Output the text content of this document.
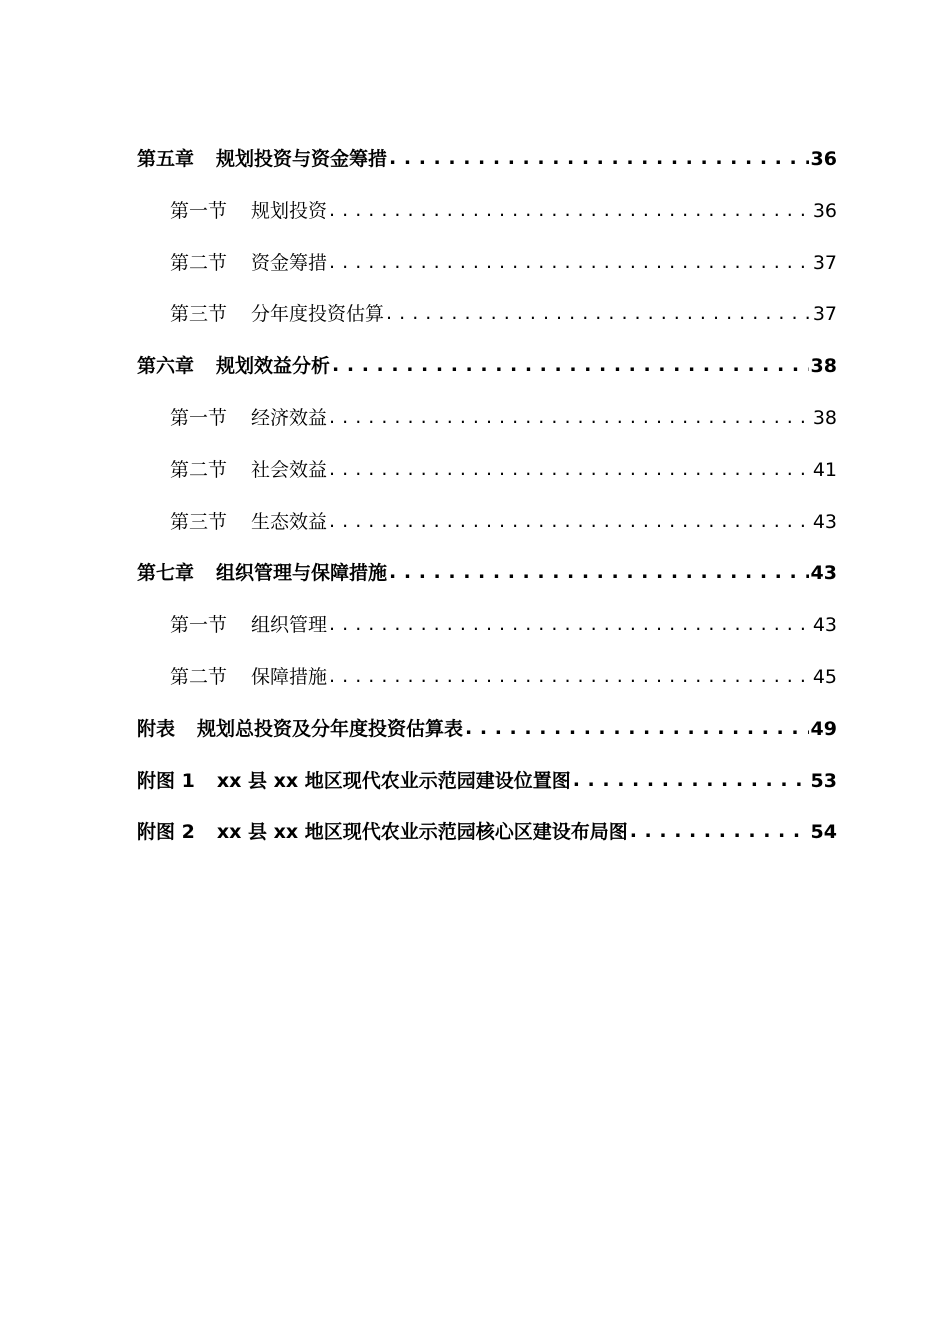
第五章 规划投资与资金筹措 . . .	36
第一节 规划投资 . . .	36
第二节 资金筹措 . . .	37
第三节 分年度投资估算 . . .	37
第六章 规划效益分析 . . .	38
第一节 经济效益 . . .	38
第二节 社会效益 . . .	41
第三节 生态效益 . . .	43
第七章 组织管理与保障措施 . . .	43
第一节 组织管理 . . .	43
第二节 保障措施 . . .	45
附表 规划总投资及分年度投资估算表 . . .	49
附图 1 xx 县 xx 地区现代农业示范园建设位置图 . . .	53
附图 2 xx 县 xx 地区现代农业示范园核心区建设布局图 . . .	54
